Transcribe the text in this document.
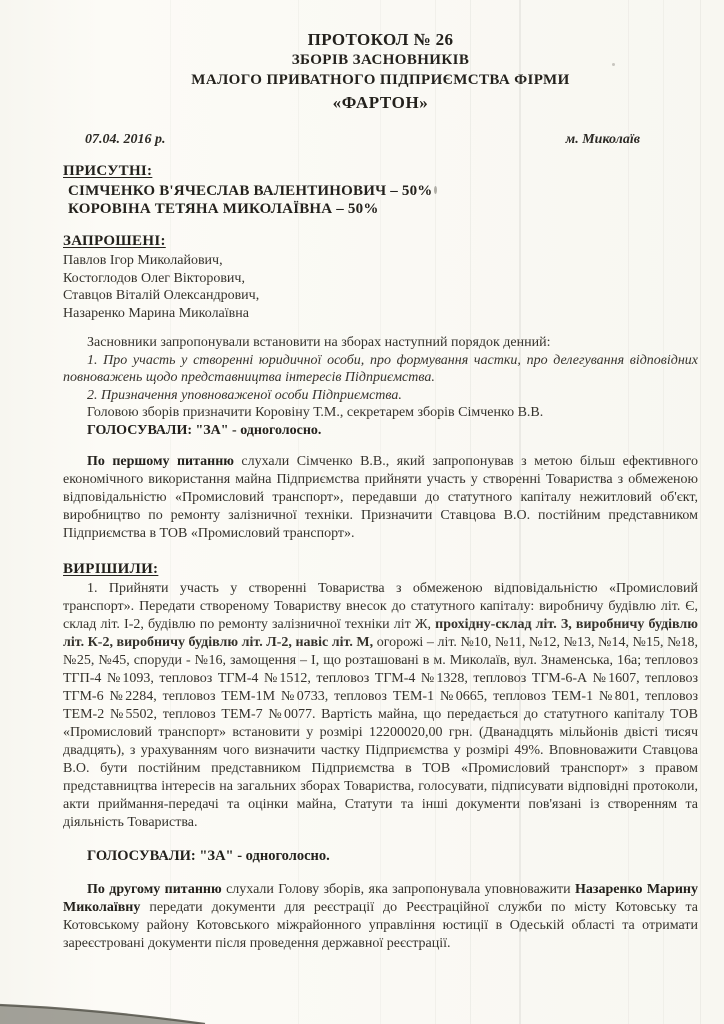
ПРОТОКОЛ № 26
ЗБОРІВ ЗАСНОВНИКІВ
МАЛОГО ПРИВАТНОГО ПІДПРИЄМСТВА ФІРМИ
«ФАРТОН»
07.04. 2016 р.	м. Миколаїв
ПРИСУТНІ:
СІМЧЕНКО В'ЯЧЕСЛАВ ВАЛЕНТИНОВИЧ – 50%
КОРОВІНА ТЕТЯНА МИКОЛАЇВНА – 50%
ЗАПРОШЕНІ:
Павлов Ігор Миколайович,
Костоглодов Олег Вікторович,
Ставцов Віталій Олександрович,
Назаренко Марина Миколаївна

Засновники запропонували встановити на зборах наступний порядок денний:

1. Про участь у створенні юридичної особи, про формування частки, про делегування відповідних повноважень щодо представництва інтересів Підприємства.

2. Призначення уповноваженої особи Підприємства.

Головою зборів призначити Коровіну Т.М., секретарем зборів Сімченко В.В.

ГОЛОСУВАЛИ: "ЗА" - одноголосно.

По першому питанню слухали Сімченко В.В., який запропонував з метою більш ефективного економічного використання майна Підприємства прийняти участь у створенні Товариства з обмеженою відповідальністю «Промисловий транспорт», передавши до статутного капіталу нежитловий об'єкт, виробництво по ремонту залізничної техніки. Призначити Ставцова В.О. постійним представником Підприємства в ТОВ «Промисловий транспорт».

ВИРІШИЛИ:

1. Прийняти участь у створенні Товариства з обмеженою відповідальністю «Промисловий транспорт». Передати створеному Товариству внесок до статутного капіталу: виробничу будівлю літ. Є, склад літ. І-2, будівлю по ремонту залізничної техніки літ Ж, прохідну-склад літ. З, виробничу будівлю літ. К-2, виробничу будівлю літ. Л-2, навіс літ. М, огорожі – літ. №10, №11, №12, №13, №14, №15, №18, №25, №45, споруди - №16, замощення – І, що розташовані в м. Миколаїв, вул. Знаменська, 16а; тепловоз ТГП-4 №1093, тепловоз ТГМ-4 №1512, тепловоз ТГМ-4 №1328, тепловоз ТГМ-6-А №1607, тепловоз ТГМ-6 №2284, тепловоз ТЕМ-1М №0733, тепловоз ТЕМ-1 №0665, тепловоз ТЕМ-1 №801, тепловоз ТЕМ-2 №5502, тепловоз ТЕМ-7 №0077. Вартість майна, що передається до статутного капіталу ТОВ «Промисловий транспорт» встановити у розмірі 12200020,00 грн. (Дванадцять мільйонів двісті тисяч двадцять), з урахуванням чого визначити частку Підприємства у розмірі 49%. Вповноважити Ставцова В.О. бути постійним представником Підприємства в ТОВ «Промисловий транспорт» з правом представництва інтересів на загальних зборах Товариства, голосувати, підписувати відповідні протоколи, акти приймання-передачі та оцінки майна, Статути та інші документи пов'язані із створенням та діяльність Товариства.

ГОЛОСУВАЛИ: "ЗА" - одноголосно.

По другому питанню слухали Голову зборів, яка запропонувала уповноважити Назаренко Марину Миколаївну передати документи для реєстрації до Реєстраційної служби по місту Котовську та Котовському району Котовського міжрайонного управління юстиції в Одеській області та отримати зареєстровані документи після проведення державної реєстрації.
